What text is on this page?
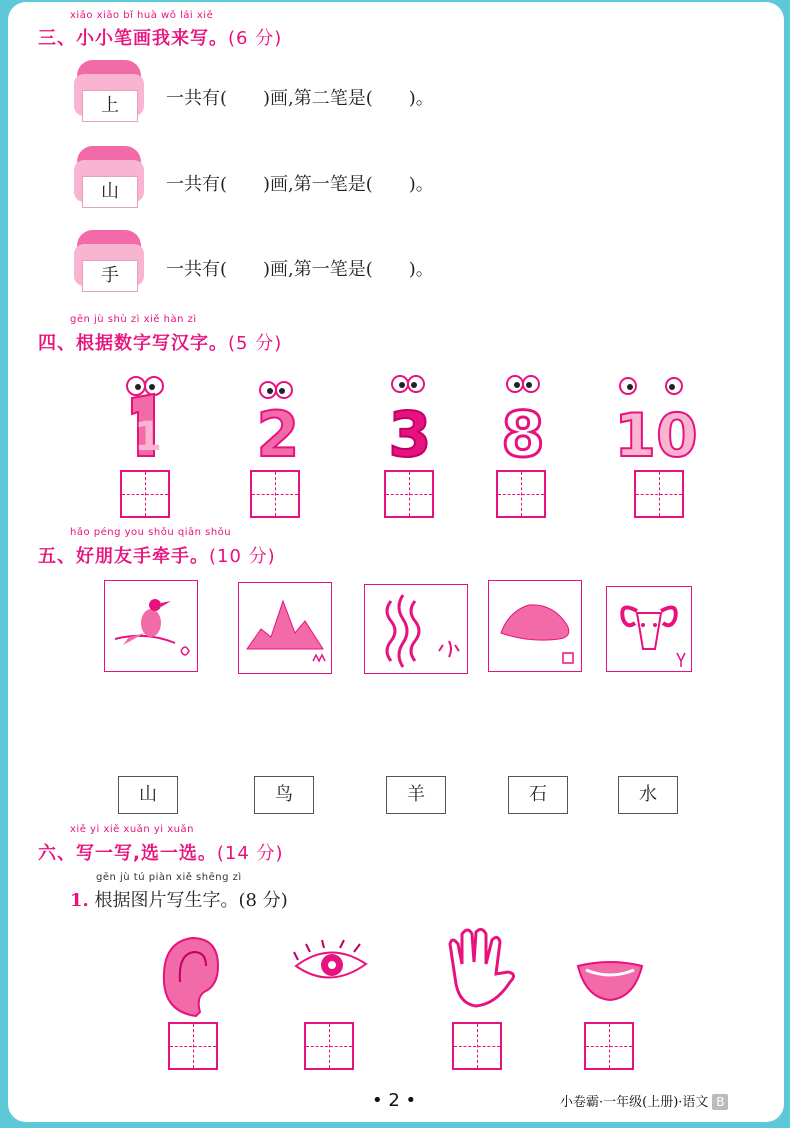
xiǎo xiǎo bǐ huà wǒ lái xiě
三、小小笔画我来写。(6 分)
上	一共有(　　)画,第二笔是(　　)。
山	一共有(　　)画,第一笔是(　　)。
手	一共有(　　)画,第一笔是(　　)。
gēn jù shù zì xiě hàn zì
四、根据数字写汉字。(5 分)
1 2 3 8 10
hǎo péng you shǒu qiān shǒu
五、好朋友手牵手。(10 分)
山	鸟	羊	石	水
xiě yi xiě xuǎn yi xuǎn
六、写一写,选一选。(14 分)
gēn jù tú piàn xiě shēng zì
1. 根据图片写生字。(8 分)
• 2 •	小卷霸·一年级(上册)·语文 B
